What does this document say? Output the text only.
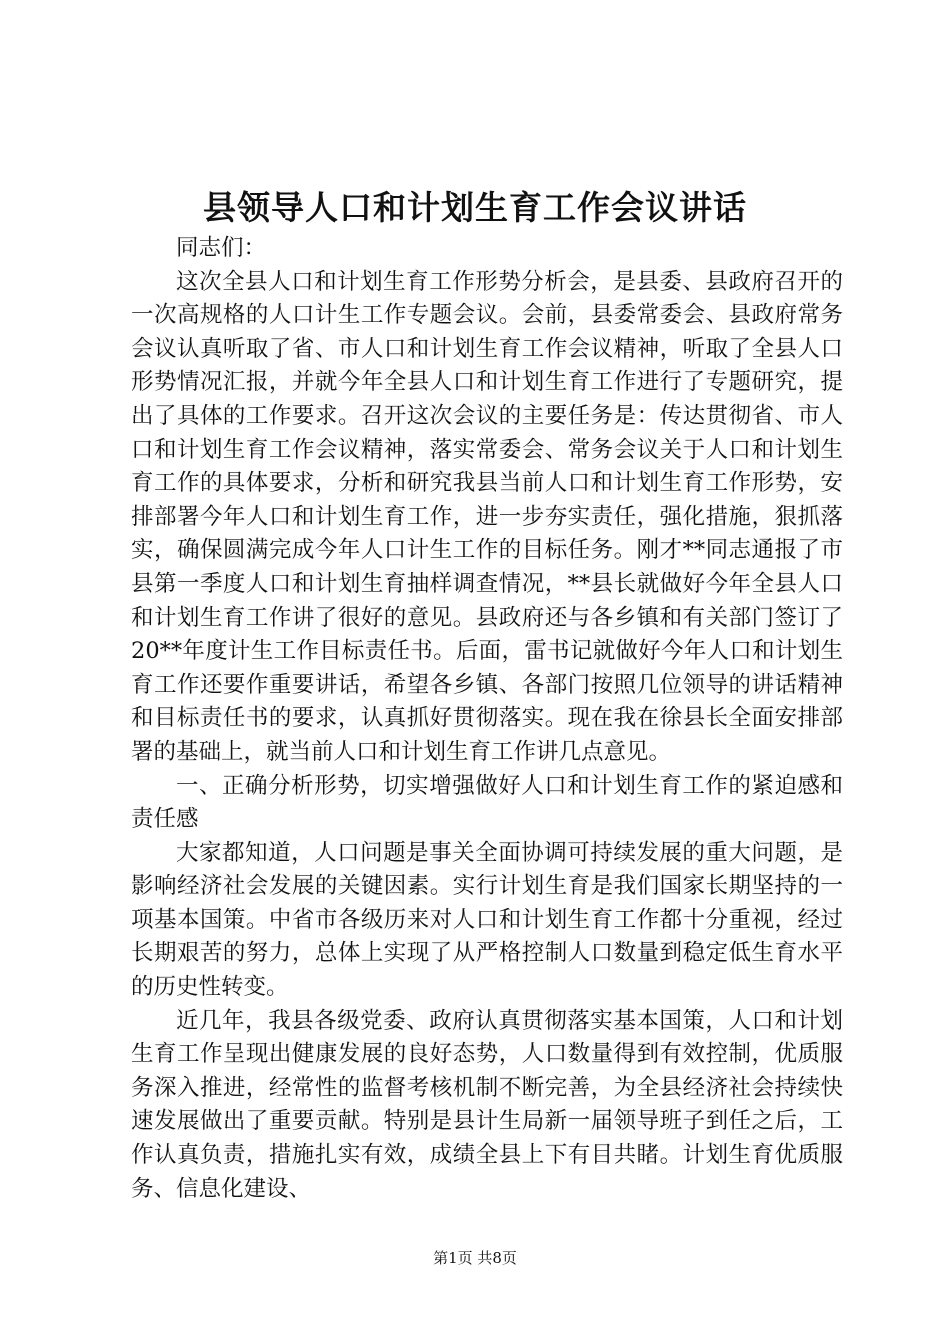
县领导人口和计划生育工作会议讲话

同志们：

这次全县人口和计划生育工作形势分析会，是县委、县政府召开的一次高规格的人口计生工作专题会议。会前，县委常委会、县政府常务会议认真听取了省、市人口和计划生育工作会议精神，听取了全县人口形势情况汇报，并就今年全县人口和计划生育工作进行了专题研究，提出了具体的工作要求。召开这次会议的主要任务是：传达贯彻省、市人口和计划生育工作会议精神，落实常委会、常务会议关于人口和计划生育工作的具体要求，分析和研究我县当前人口和计划生育工作形势，安排部署今年人口和计划生育工作，进一步夯实责任，强化措施，狠抓落实，确保圆满完成今年人口计生工作的目标任务。刚才**同志通报了市县第一季度人口和计划生育抽样调查情况，**县长就做好今年全县人口和计划生育工作讲了很好的意见。县政府还与各乡镇和有关部门签订了20**年度计生工作目标责任书。后面，雷书记就做好今年人口和计划生育工作还要作重要讲话，希望各乡镇、各部门按照几位领导的讲话精神和目标责任书的要求，认真抓好贯彻落实。现在我在徐县长全面安排部署的基础上，就当前人口和计划生育工作讲几点意见。

一、正确分析形势，切实增强做好人口和计划生育工作的紧迫感和责任感

大家都知道，人口问题是事关全面协调可持续发展的重大问题，是影响经济社会发展的关键因素。实行计划生育是我们国家长期坚持的一项基本国策。中省市各级历来对人口和计划生育工作都十分重视，经过长期艰苦的努力，总体上实现了从严格控制人口数量到稳定低生育水平的历史性转变。

近几年，我县各级党委、政府认真贯彻落实基本国策，人口和计划生育工作呈现出健康发展的良好态势，人口数量得到有效控制，优质服务深入推进，经常性的监督考核机制不断完善，为全县经济社会持续快速发展做出了重要贡献。特别是县计生局新一届领导班子到任之后，工作认真负责，措施扎实有效，成绩全县上下有目共睹。计划生育优质服务、信息化建设、

第1页 共8页
